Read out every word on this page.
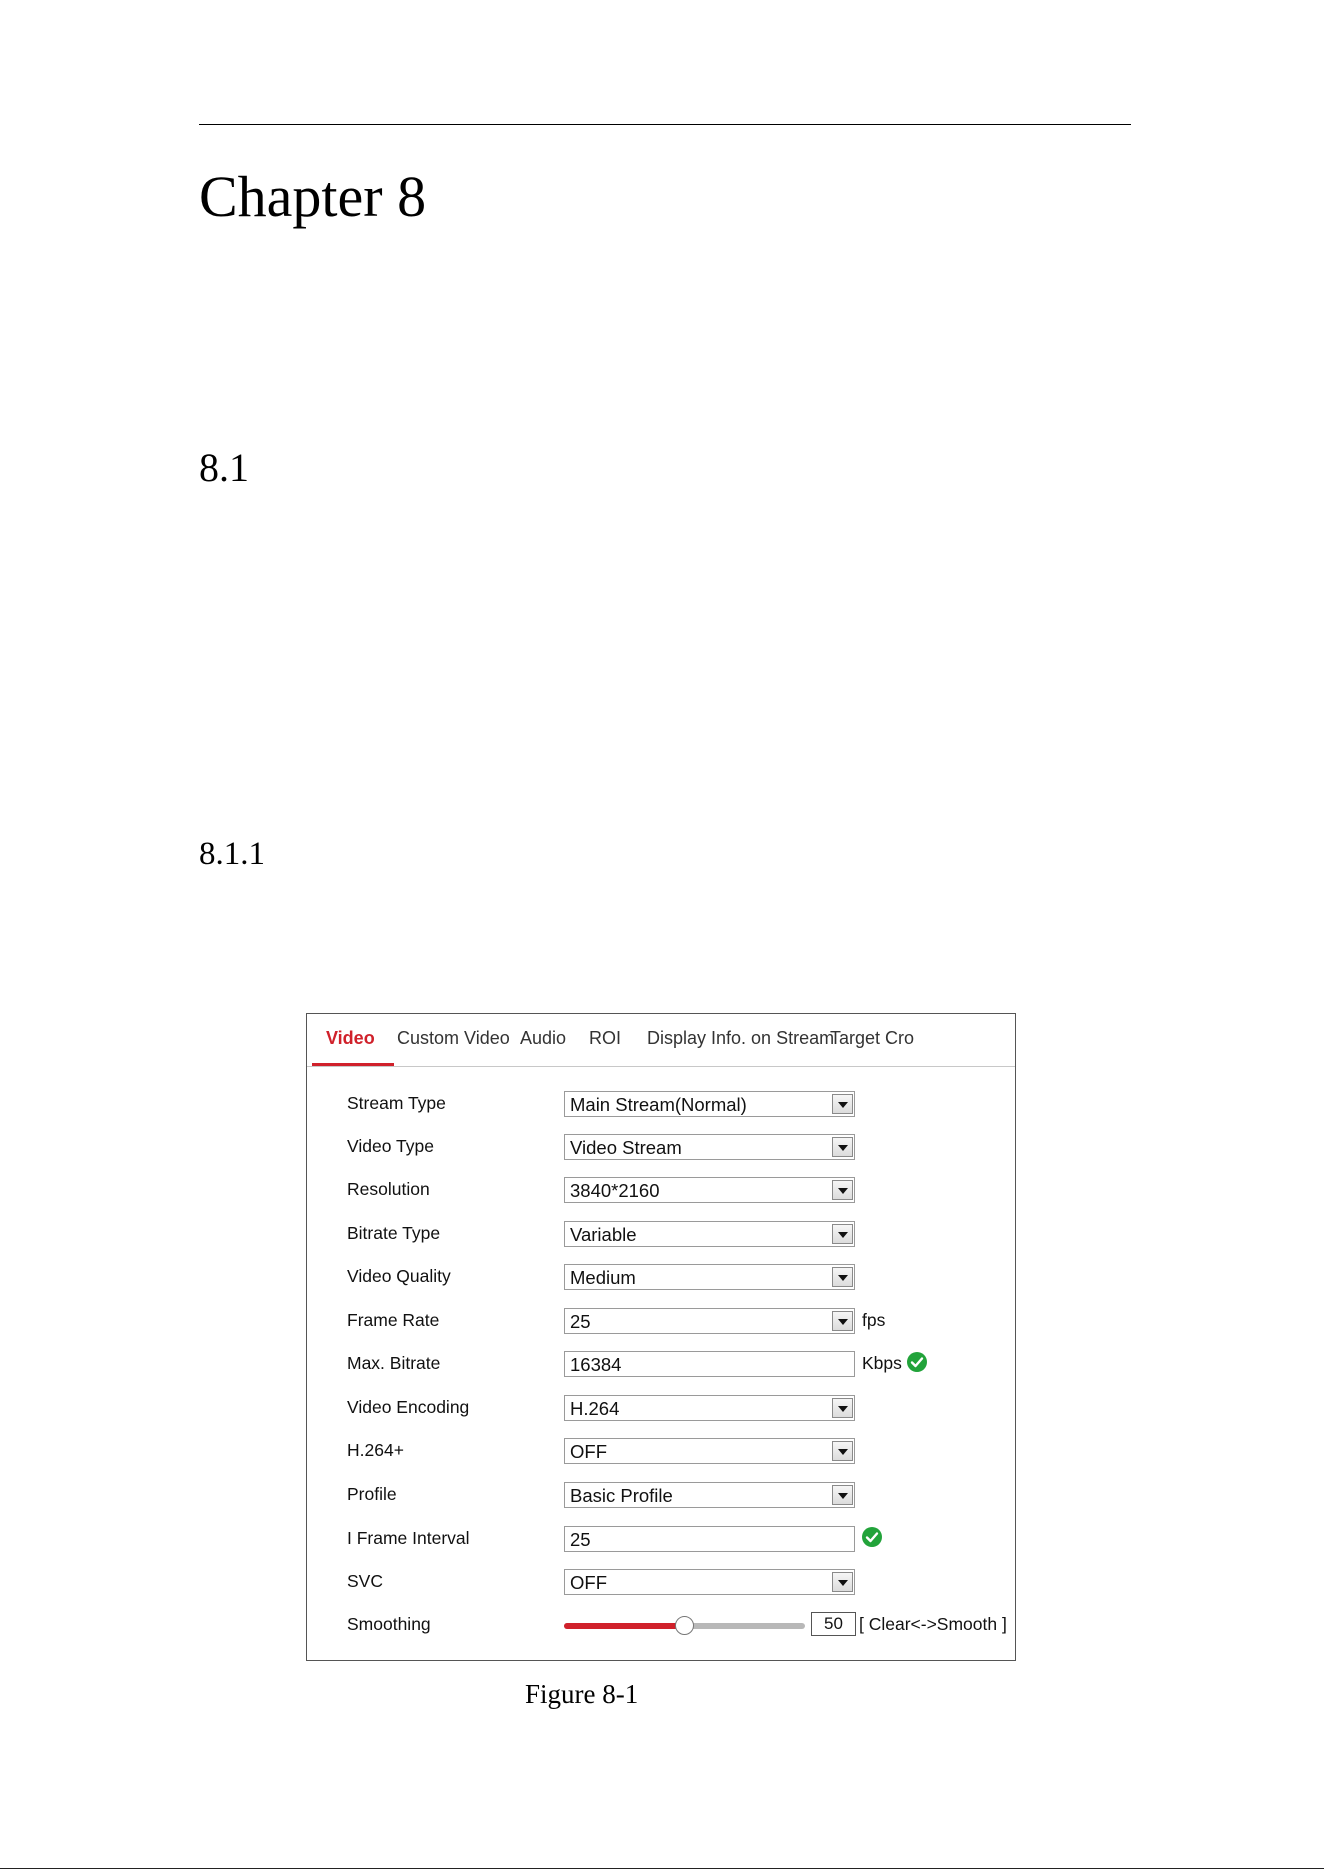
Chapter 8
8.1
8.1.1
Video Custom Video Audio ROI Display Info. on Stream
Target Cro
Stream Type	Main Stream(Normal)
Video Type	Video Stream
Resolution	3840*2160
Bitrate Type	Variable
Video Quality	Medium
Frame Rate	25	fps
Max. Bitrate	16384	Kbps
Video Encoding	H.264
H.264+	OFF
Profile	Basic Profile
I Frame Interval	25
SVC	OFF
Smoothing	50 [ Clear<->Smooth ]
Figure 8-1
